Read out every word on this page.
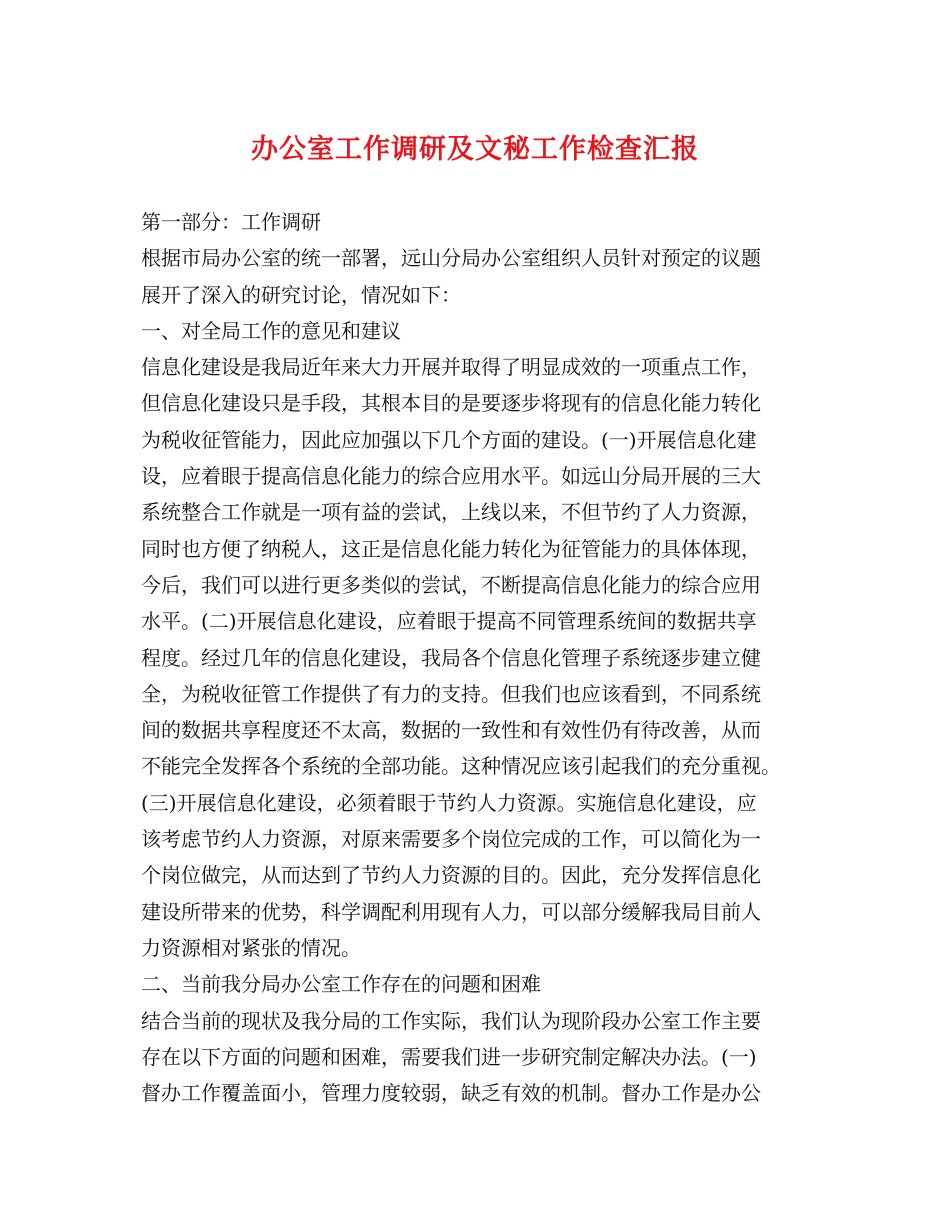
办公室工作调研及文秘工作检查汇报
第一部分：工作调研
根据市局办公室的统一部署，远山分局办公室组织人员针对预定的议题
展开了深入的研究讨论，情况如下：
一、对全局工作的意见和建议
信息化建设是我局近年来大力开展并取得了明显成效的一项重点工作，
但信息化建设只是手段，其根本目的是要逐步将现有的信息化能力转化
为税收征管能力，因此应加强以下几个方面的建设。(一)开展信息化建
设，应着眼于提高信息化能力的综合应用水平。如远山分局开展的三大
系统整合工作就是一项有益的尝试，上线以来，不但节约了人力资源，
同时也方便了纳税人，这正是信息化能力转化为征管能力的具体体现，
今后，我们可以进行更多类似的尝试，不断提高信息化能力的综合应用
水平。(二)开展信息化建设，应着眼于提高不同管理系统间的数据共享
程度。经过几年的信息化建设，我局各个信息化管理子系统逐步建立健
全，为税收征管工作提供了有力的支持。但我们也应该看到，不同系统
间的数据共享程度还不太高，数据的一致性和有效性仍有待改善，从而
不能完全发挥各个系统的全部功能。这种情况应该引起我们的充分重视。
(三)开展信息化建设，必须着眼于节约人力资源。实施信息化建设，应
该考虑节约人力资源，对原来需要多个岗位完成的工作，可以简化为一
个岗位做完，从而达到了节约人力资源的目的。因此，充分发挥信息化
建设所带来的优势，科学调配利用现有人力，可以部分缓解我局目前人
力资源相对紧张的情况。
二、当前我分局办公室工作存在的问题和困难
结合当前的现状及我分局的工作实际，我们认为现阶段办公室工作主要
存在以下方面的问题和困难，需要我们进一步研究制定解决办法。(一)
督办工作覆盖面小，管理力度较弱，缺乏有效的机制。督办工作是办公
